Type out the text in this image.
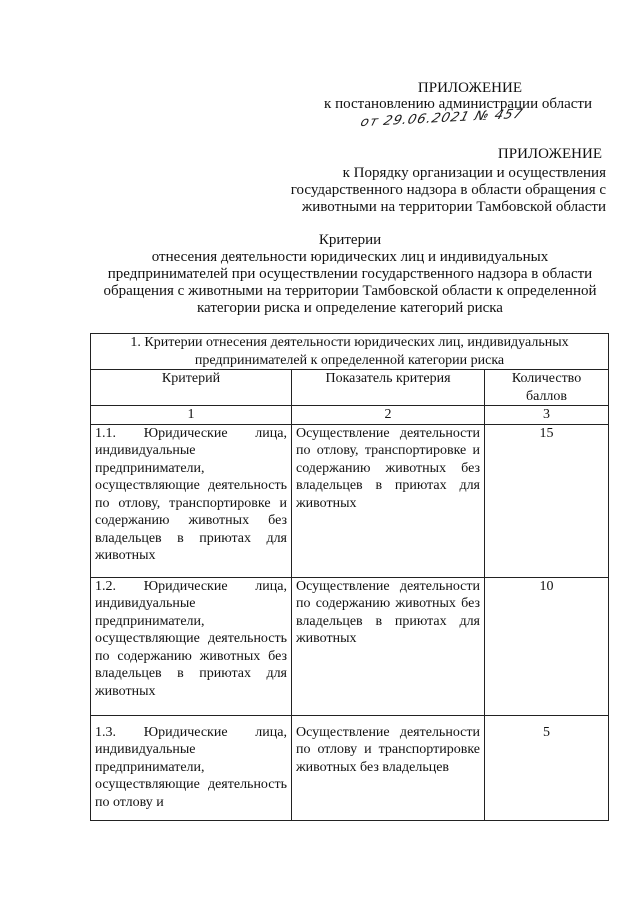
ПРИЛОЖЕНИЕ
к постановлению администрации области
от 29.06.2021 № 457
ПРИЛОЖЕНИЕ
к Порядку организации и осуществления
государственного надзора в области обращения с
животными на территории Тамбовской области
Критерии
отнесения деятельности юридических лиц и индивидуальных
предпринимателей при осуществлении государственного надзора в области
обращения с животными на территории Тамбовской области к определенной
категории риска и определение категорий риска
1. Критерии отнесения деятельности юридических лиц, индивидуальных предпринимателей к определенной категории риска		
Критерий	Показатель критерия	Количество баллов
1	2	3
1.1. Юридические лица, индивидуальные предприниматели, осуществляющие деятельность по отлову, транспортировке и содержанию животных без владельцев в приютах для животных	Осуществление деятельности по отлову, транспортировке и содержанию животных без владельцев в приютах для животных	15
1.2. Юридические лица, индивидуальные предприниматели, осуществляющие деятельность по содержанию животных без владельцев в приютах для животных	Осуществление деятельности по содержанию животных без владельцев в приютах для животных	10
1.3. Юридические лица, индивидуальные предприниматели, осуществляющие деятельность по отлову и	Осуществление деятельности по отлову и транспортировке животных без владельцев	5
